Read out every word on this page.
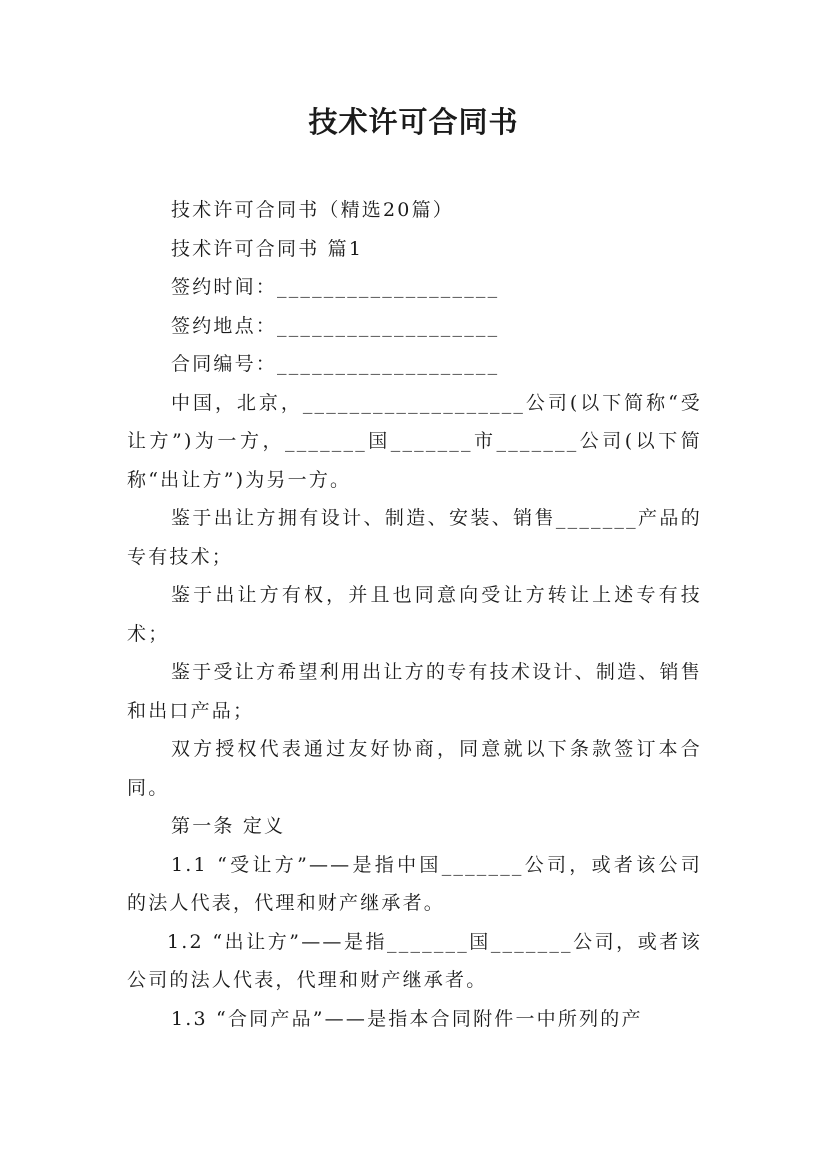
技术许可合同书

技术许可合同书（精选20篇）

技术许可合同书 篇1

签约时间：___________________

签约地点：___________________

合同编号：___________________

中国，北京，___________________公司(以下简称“受让方”)为一方，_______国_______市_______公司(以下简称“出让方”)为另一方。

鉴于出让方拥有设计、制造、安装、销售_______产品的专有技术；

鉴于出让方有权，并且也同意向受让方转让上述专有技术；

鉴于受让方希望利用出让方的专有技术设计、制造、销售和出口产品；

双方授权代表通过友好协商，同意就以下条款签订本合同。

第一条 定义

1.1 “受让方”——是指中国_______公司，或者该公司的法人代表，代理和财产继承者。

1.2 “出让方”——是指_______国_______公司，或者该公司的法人代表，代理和财产继承者。

1.3 “合同产品”——是指本合同附件一中所列的产
